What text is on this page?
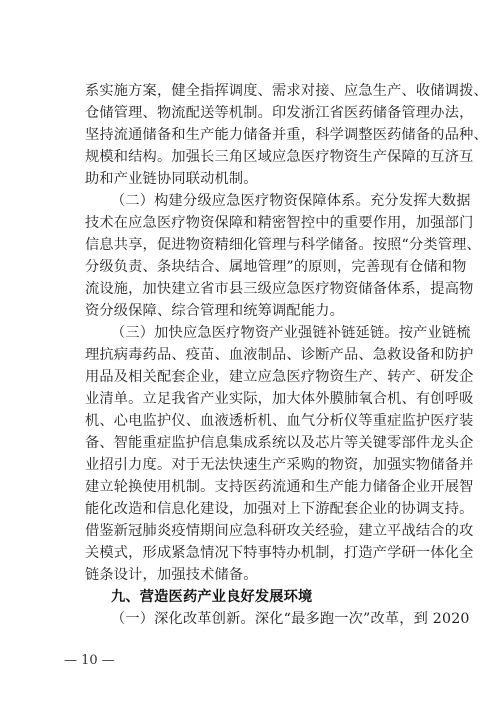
系实施方案，健全指挥调度、需求对接、应急生产、收储调拨、
仓储管理、物流配送等机制。印发浙江省医药储备管理办法，
坚持流通储备和生产能力储备并重，科学调整医药储备的品种、
规模和结构。加强长三角区域应急医疗物资生产保障的互济互
助和产业链协同联动机制。
（二）构建分级应急医疗物资保障体系。充分发挥大数据
技术在应急医疗物资保障和精密智控中的重要作用，加强部门
信息共享，促进物资精细化管理与科学储备。按照“分类管理、
分级负责、条块结合、属地管理”的原则，完善现有仓储和物
流设施，加快建立省市县三级应急医疗物资储备体系，提高物
资分级保障、综合管理和统筹调配能力。
（三）加快应急医疗物资产业强链补链延链。按产业链梳
理抗病毒药品、疫苗、血液制品、诊断产品、急救设备和防护
用品及相关配套企业，建立应急医疗物资生产、转产、研发企
业清单。立足我省产业实际，加大体外膜肺氧合机、有创呼吸
机、心电监护仪、血液透析机、血气分析仪等重症监护医疗装
备、智能重症监护信息集成系统以及芯片等关键零部件龙头企
业招引力度。对于无法快速生产采购的物资，加强实物储备并
建立轮换使用机制。支持医药流通和生产能力储备企业开展智
能化改造和信息化建设，加强对上下游配套企业的协调支持。
借鉴新冠肺炎疫情期间应急科研攻关经验，建立平战结合的攻
关模式，形成紧急情况下特事特办机制，打造产学研一体化全
链条设计，加强技术储备。
九、营造医药产业良好发展环境
（一）深化改革创新。深化“最多跑一次”改革，到 2020
— 10 —
